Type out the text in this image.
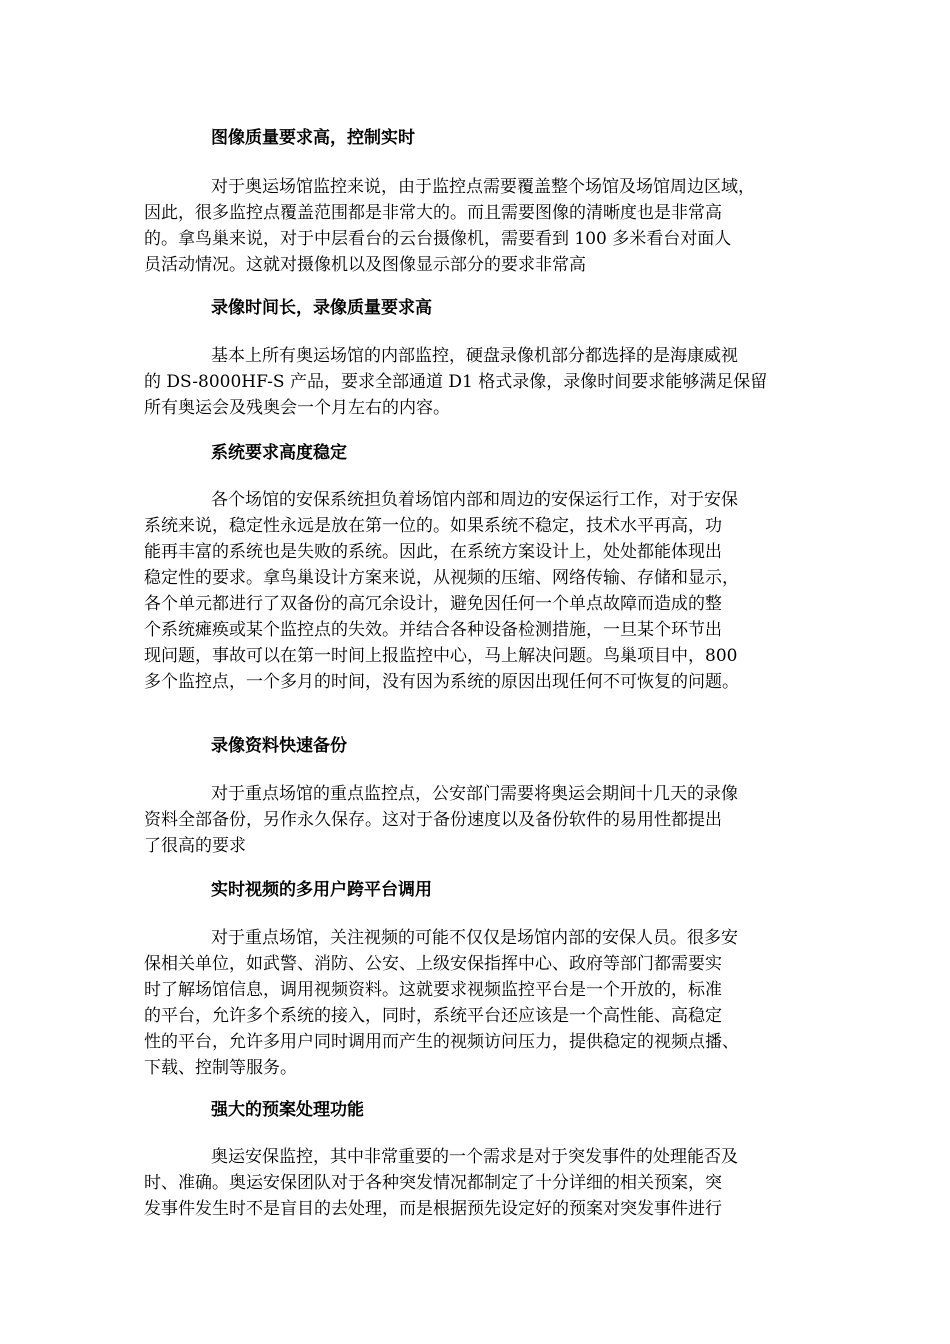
图像质量要求高，控制实时
对于奥运场馆监控来说，由于监控点需要覆盖整个场馆及场馆周边区域，
因此，很多监控点覆盖范围都是非常大的。而且需要图像的清晰度也是非常高
的。拿鸟巢来说，对于中层看台的云台摄像机，需要看到 100 多米看台对面人
员活动情况。这就对摄像机以及图像显示部分的要求非常高
录像时间长，录像质量要求高
基本上所有奥运场馆的内部监控，硬盘录像机部分都选择的是海康威视
的 DS-8000HF-S 产品，要求全部通道 D1 格式录像，录像时间要求能够满足保留
所有奥运会及残奥会一个月左右的内容。
系统要求高度稳定
各个场馆的安保系统担负着场馆内部和周边的安保运行工作，对于安保
系统来说，稳定性永远是放在第一位的。如果系统不稳定，技术水平再高，功
能再丰富的系统也是失败的系统。因此，在系统方案设计上，处处都能体现出
稳定性的要求。拿鸟巢设计方案来说，从视频的压缩、网络传输、存储和显示，
各个单元都进行了双备份的高冗余设计，避免因任何一个单点故障而造成的整
个系统瘫痪或某个监控点的失效。并结合各种设备检测措施，一旦某个环节出
现问题，事故可以在第一时间上报监控中心，马上解决问题。鸟巢项目中，800
多个监控点，一个多月的时间，没有因为系统的原因出现任何不可恢复的问题。
录像资料快速备份
对于重点场馆的重点监控点，公安部门需要将奥运会期间十几天的录像
资料全部备份，另作永久保存。这对于备份速度以及备份软件的易用性都提出
了很高的要求
实时视频的多用户跨平台调用
对于重点场馆，关注视频的可能不仅仅是场馆内部的安保人员。很多安
保相关单位，如武警、消防、公安、上级安保指挥中心、政府等部门都需要实
时了解场馆信息，调用视频资料。这就要求视频监控平台是一个开放的，标准
的平台，允许多个系统的接入，同时，系统平台还应该是一个高性能、高稳定
性的平台，允许多用户同时调用而产生的视频访问压力，提供稳定的视频点播、
下载、控制等服务。
强大的预案处理功能
奥运安保监控，其中非常重要的一个需求是对于突发事件的处理能否及
时、准确。奥运安保团队对于各种突发情况都制定了十分详细的相关预案，突
发事件发生时不是盲目的去处理，而是根据预先设定好的预案对突发事件进行
